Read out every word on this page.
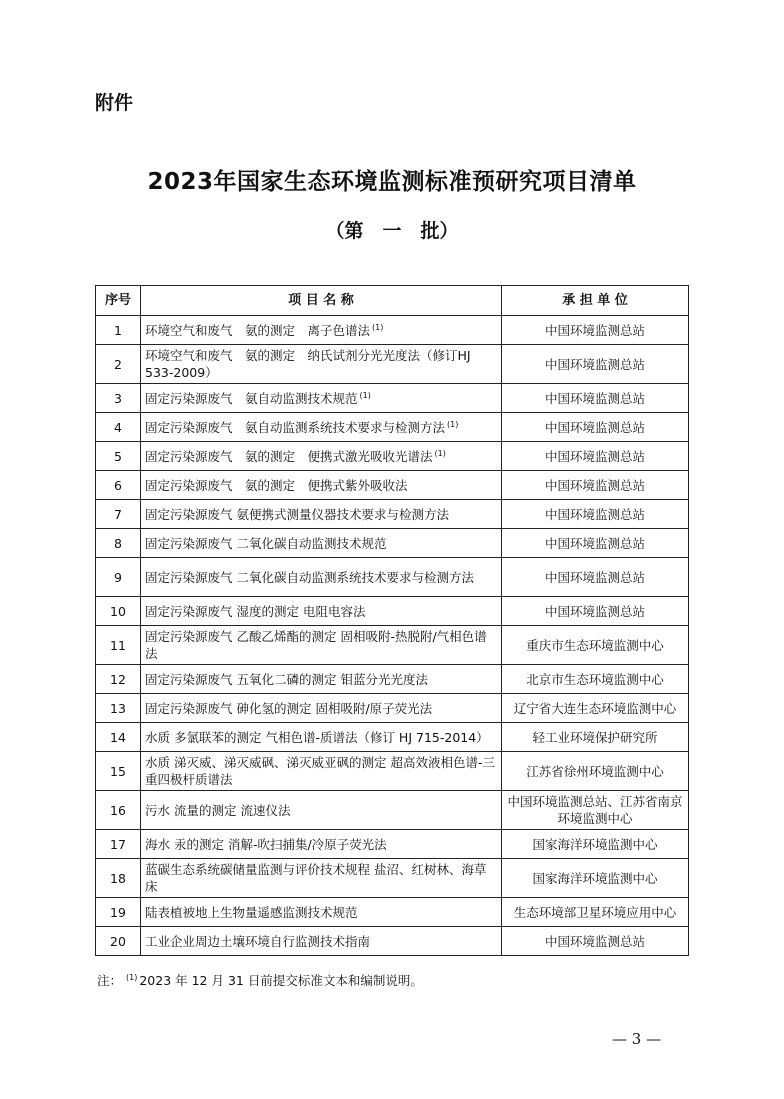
附件
2023年国家生态环境监测标准预研究项目清单
（第　一　批）
序号	项 目 名 称	承 担 单 位
1	环境空气和废气　氨的测定　离子色谱法 $^{(1)}$	中国环境监测总站
2	环境空气和废气　氨的测定　纳氏试剂分光光度法（修订HJ　533-2009）	中国环境监测总站
3	固定污染源废气　氨自动监测技术规范 $^{(1)}$	中国环境监测总站
4	固定污染源废气　氨自动监测系统技术要求与检测方法 $^{(1)}$	中国环境监测总站
5	固定污染源废气　氨的测定　便携式激光吸收光谱法 $^{(1)}$	中国环境监测总站
6	固定污染源废气　氨的测定　便携式紫外吸收法	中国环境监测总站
7	固定污染源废气 氨便携式测量仪器技术要求与检测方法	中国环境监测总站
8	固定污染源废气 二氧化碳自动监测技术规范	中国环境监测总站
9	固定污染源废气 二氧化碳自动监测系统技术要求与检测方法	中国环境监测总站
10	固定污染源废气 湿度的测定 电阻电容法	中国环境监测总站
11	固定污染源废气 乙酸乙烯酯的测定 固相吸附-热脱附/气相色谱法	重庆市生态环境监测中心
12	固定污染源废气 五氧化二磷的测定 钼蓝分光光度法	北京市生态环境监测中心
13	固定污染源废气 砷化氢的测定 固相吸附/原子荧光法	辽宁省大连生态环境监测中心
14	水质 多氯联苯的测定 气相色谱-质谱法（修订 HJ 715-2014）	轻工业环境保护研究所
15	水质 涕灭威、涕灭威砜、涕灭威亚砜的测定 超高效液相色谱-三重四极杆质谱法	江苏省徐州环境监测中心
16	污水 流量的测定 流速仪法	中国环境监测总站、江苏省南京环境监测中心
17	海水 汞的测定 消解-吹扫捕集/冷原子荧光法	国家海洋环境监测中心
18	蓝碳生态系统碳储量监测与评价技术规程 盐沼、红树林、海草床	国家海洋环境监测中心
19	陆表植被地上生物量遥感监测技术规范	生态环境部卫星环境应用中心
20	工业企业周边土壤环境自行监测技术指南	中国环境监测总站
注： $^{(1)}$ 2023 年 12 月 31 日前提交标准文本和编制说明。
— 3 —
